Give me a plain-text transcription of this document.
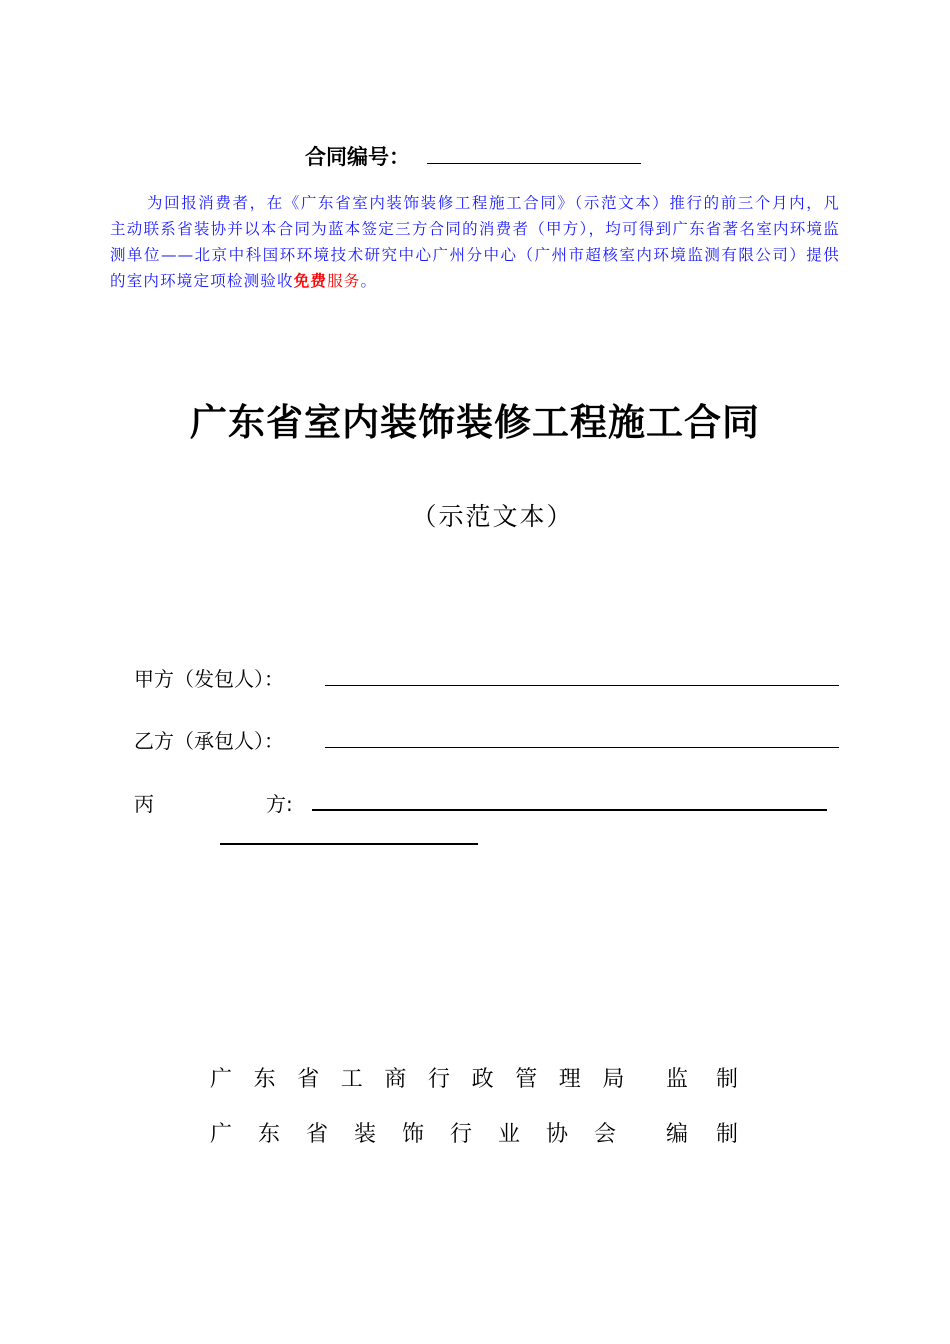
合同编号：
为回报消费者，在《广东省室内装饰装修工程施工合同》（示范文本）推行的前三个月内，凡主动联系省装协并以本合同为蓝本签定三方合同的消费者（甲方），均可得到广东省著名室内环境监测单位——北京中科国环环境技术研究中心广州分中心（广州市超核室内环境监测有限公司）提供的室内环境定项检测验收免费服务。
广东省室内装饰装修工程施工合同
（示范文本）
甲方（发包人）：
乙方（承包人）：
丙	方:
广东省工商行政管理局 监制
广东省装饰行业协会 编制
